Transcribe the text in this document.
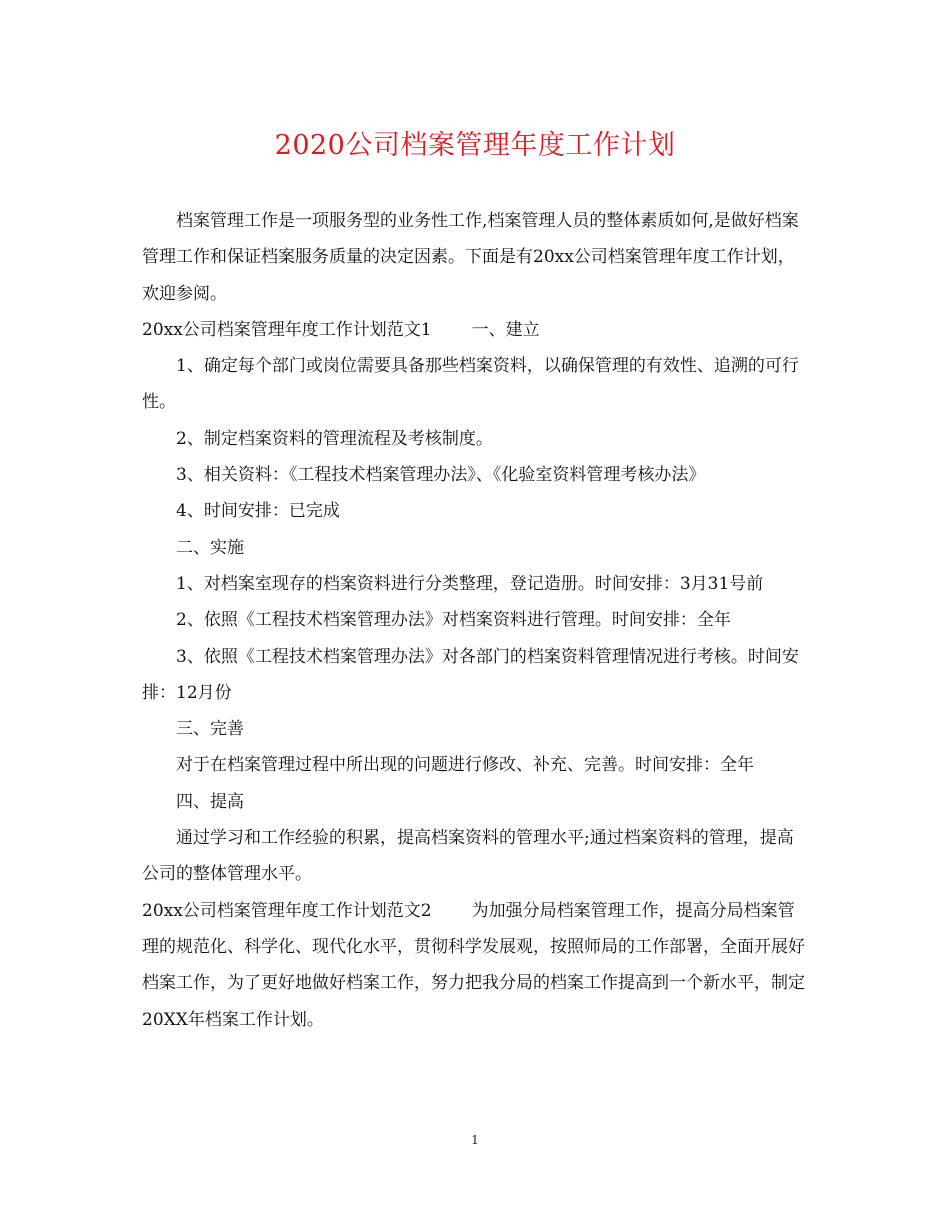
2020公司档案管理年度工作计划

档案管理工作是一项服务型的业务性工作,档案管理人员的整体素质如何,是做好档案管理工作和保证档案服务质量的决定因素。下面是有20xx公司档案管理年度工作计划，欢迎参阅。

20xx公司档案管理年度工作计划范文1 一、建立

1、确定每个部门或岗位需要具备那些档案资料，以确保管理的有效性、追溯的可行性。

2、制定档案资料的管理流程及考核制度。

3、相关资料：《工程技术档案管理办法》、《化验室资料管理考核办法》

4、时间安排：已完成

二、实施

1、对档案室现存的档案资料进行分类整理，登记造册。时间安排：3月31号前

2、依照《工程技术档案管理办法》对档案资料进行管理。时间安排：全年

3、依照《工程技术档案管理办法》对各部门的档案资料管理情况进行考核。时间安排：12月份

三、完善

对于在档案管理过程中所出现的问题进行修改、补充、完善。时间安排：全年

四、提高

通过学习和工作经验的积累，提高档案资料的管理水平;通过档案资料的管理，提高公司的整体管理水平。

20xx公司档案管理年度工作计划范文2 为加强分局档案管理工作，提高分局档案管理的规范化、科学化、现代化水平，贯彻科学发展观，按照师局的工作部署，全面开展好档案工作，为了更好地做好档案工作，努力把我分局的档案工作提高到一个新水平，制定20XX年档案工作计划。

1
